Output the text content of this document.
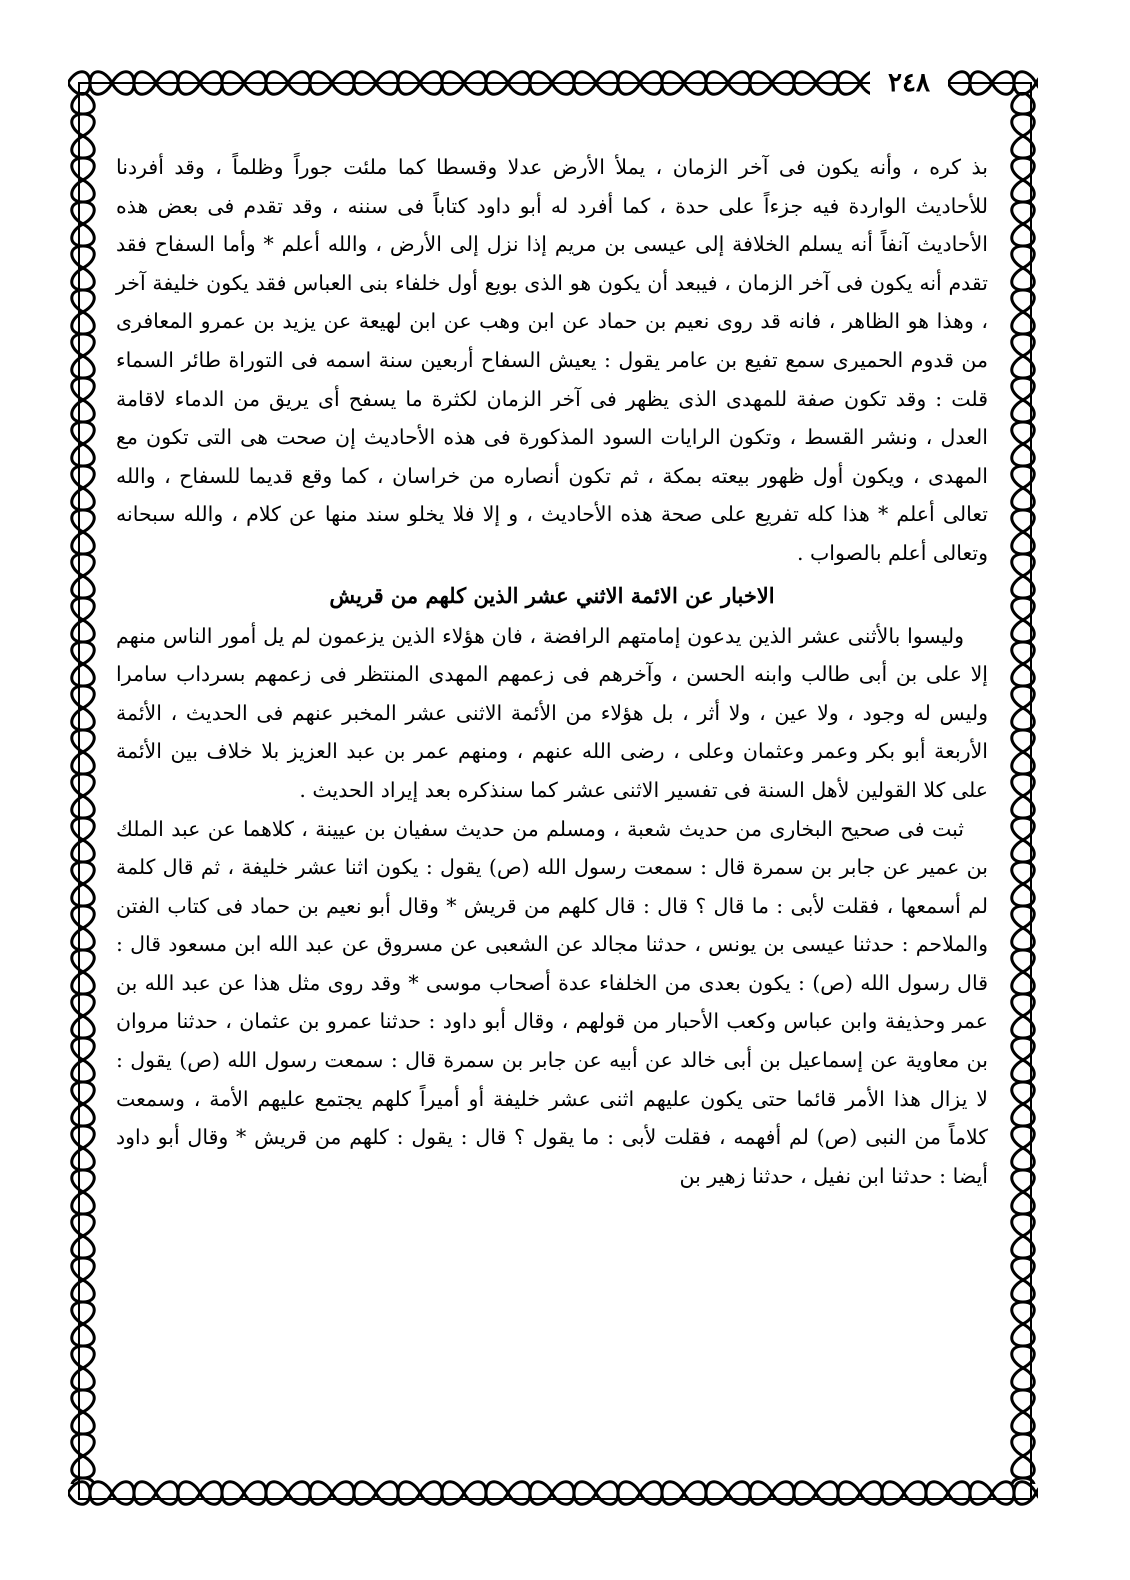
٢٤٨

بذ كره ، وأنه يكون فى آخر الزمان ، يملأ الأرض عدلا وقسطا كما ملئت جوراً وظلماً ، وقد أفردنا للأحاديث الواردة فيه جزءاً على حدة ، كما أفرد له أبو داود كتاباً فى سننه ، وقد تقدم فى بعض هذه الأحاديث آنفاً أنه يسلم الخلافة إلى عيسى بن مريم إذا نزل إلى الأرض ، والله أعلم * وأما السفاح فقد تقدم أنه يكون فى آخر الزمان ، فيبعد أن يكون هو الذى بويع أول خلفاء بنى العباس فقد يكون خليفة آخر ، وهذا هو الظاهر ، فانه قد روى نعيم بن حماد عن ابن وهب عن ابن لهيعة عن يزيد بن عمرو المعافرى من قدوم الحميرى سمع تفيع بن عامر يقول : يعيش السفاح أربعين سنة اسمه فى التوراة طائر السماء قلت : وقد تكون صفة للمهدى الذى يظهر فى آخر الزمان لكثرة ما يسفح أى يريق من الدماء لاقامة العدل ، ونشر القسط ، وتكون الرايات السود المذكورة فى هذه الأحاديث إن صحت هى التى تكون مع المهدى ، ويكون أول ظهور بيعته بمكة ، ثم تكون أنصاره من خراسان ، كما وقع قديما للسفاح ، والله تعالى أعلم * هذا كله تفريع على صحة هذه الأحاديث ، و إلا فلا يخلو سند منها عن كلام ، والله سبحانه وتعالى أعلم بالصواب .

الاخبار عن الائمة الاثني عشر الذين كلهم من قريش

وليسوا بالأثنى عشر الذين يدعون إمامتهم الرافضة ، فان هؤلاء الذين يزعمون لم يل أمور الناس منهم إلا على بن أبى طالب وابنه الحسن ، وآخرهم فى زعمهم المهدى المنتظر فى زعمهم بسرداب سامرا وليس له وجود ، ولا عين ، ولا أثر ، بل هؤلاء من الأئمة الاثنى عشر المخبر عنهم فى الحديث ، الأئمة الأربعة أبو بكر وعمر وعثمان وعلى ، رضى الله عنهم ، ومنهم عمر بن عبد العزيز بلا خلاف بين الأئمة على كلا القولين لأهل السنة فى تفسير الاثنى عشر كما سنذكره بعد إيراد الحديث .

ثبت فى صحيح البخارى من حديث شعبة ، ومسلم من حديث سفيان بن عيينة ، كلاهما عن عبد الملك بن عمير عن جابر بن سمرة قال : سمعت رسول الله (ص) يقول : يكون اثنا عشر خليفة ، ثم قال كلمة لم أسمعها ، فقلت لأبى : ما قال ؟ قال : قال كلهم من قريش * وقال أبو نعيم بن حماد فى كتاب الفتن والملاحم : حدثنا عيسى بن يونس ، حدثنا مجالد عن الشعبى عن مسروق عن عبد الله ابن مسعود قال : قال رسول الله (ص) : يكون بعدى من الخلفاء عدة أصحاب موسى * وقد روى مثل هذا عن عبد الله بن عمر وحذيفة وابن عباس وكعب الأحبار من قولهم ، وقال أبو داود : حدثنا عمرو بن عثمان ، حدثنا مروان بن معاوية عن إسماعيل بن أبى خالد عن أبيه عن جابر بن سمرة قال : سمعت رسول الله (ص) يقول : لا يزال هذا الأمر قائما حتى يكون عليهم اثنى عشر خليفة أو أميراً كلهم يجتمع عليهم الأمة ، وسمعت كلاماً من النبى (ص) لم أفهمه ، فقلت لأبى : ما يقول ؟ قال : يقول : كلهم من قريش * وقال أبو داود أيضا : حدثنا ابن نفيل ، حدثنا زهير بن
